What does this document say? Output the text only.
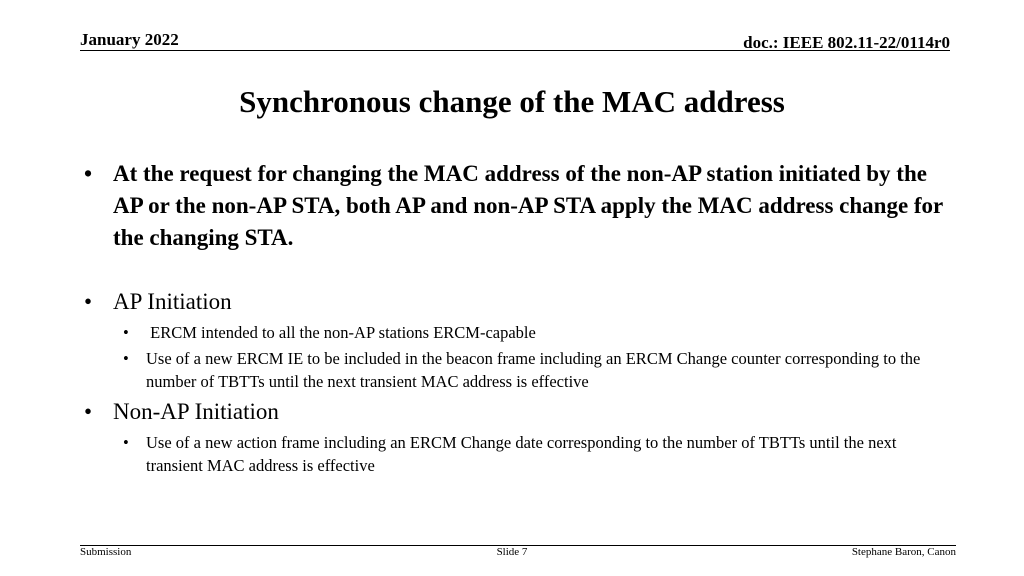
January 2022	doc.: IEEE 802.11-22/0114r0
Synchronous change of the MAC address
• At the request for changing the MAC address of the non-AP station initiated by the AP or the non-AP STA, both AP and non-AP STA apply the MAC address change for the changing STA.
• AP Initiation
• ERCM intended to all the non-AP stations ERCM-capable
• Use of a new ERCM IE to be included in the beacon frame including an ERCM Change counter corresponding to the number of TBTTs until the next transient MAC address is effective
• Non-AP Initiation
• Use of a new action frame including an ERCM Change date corresponding to the number of TBTTs until the next transient MAC address is effective
Submission	Slide 7	Stephane Baron, Canon
